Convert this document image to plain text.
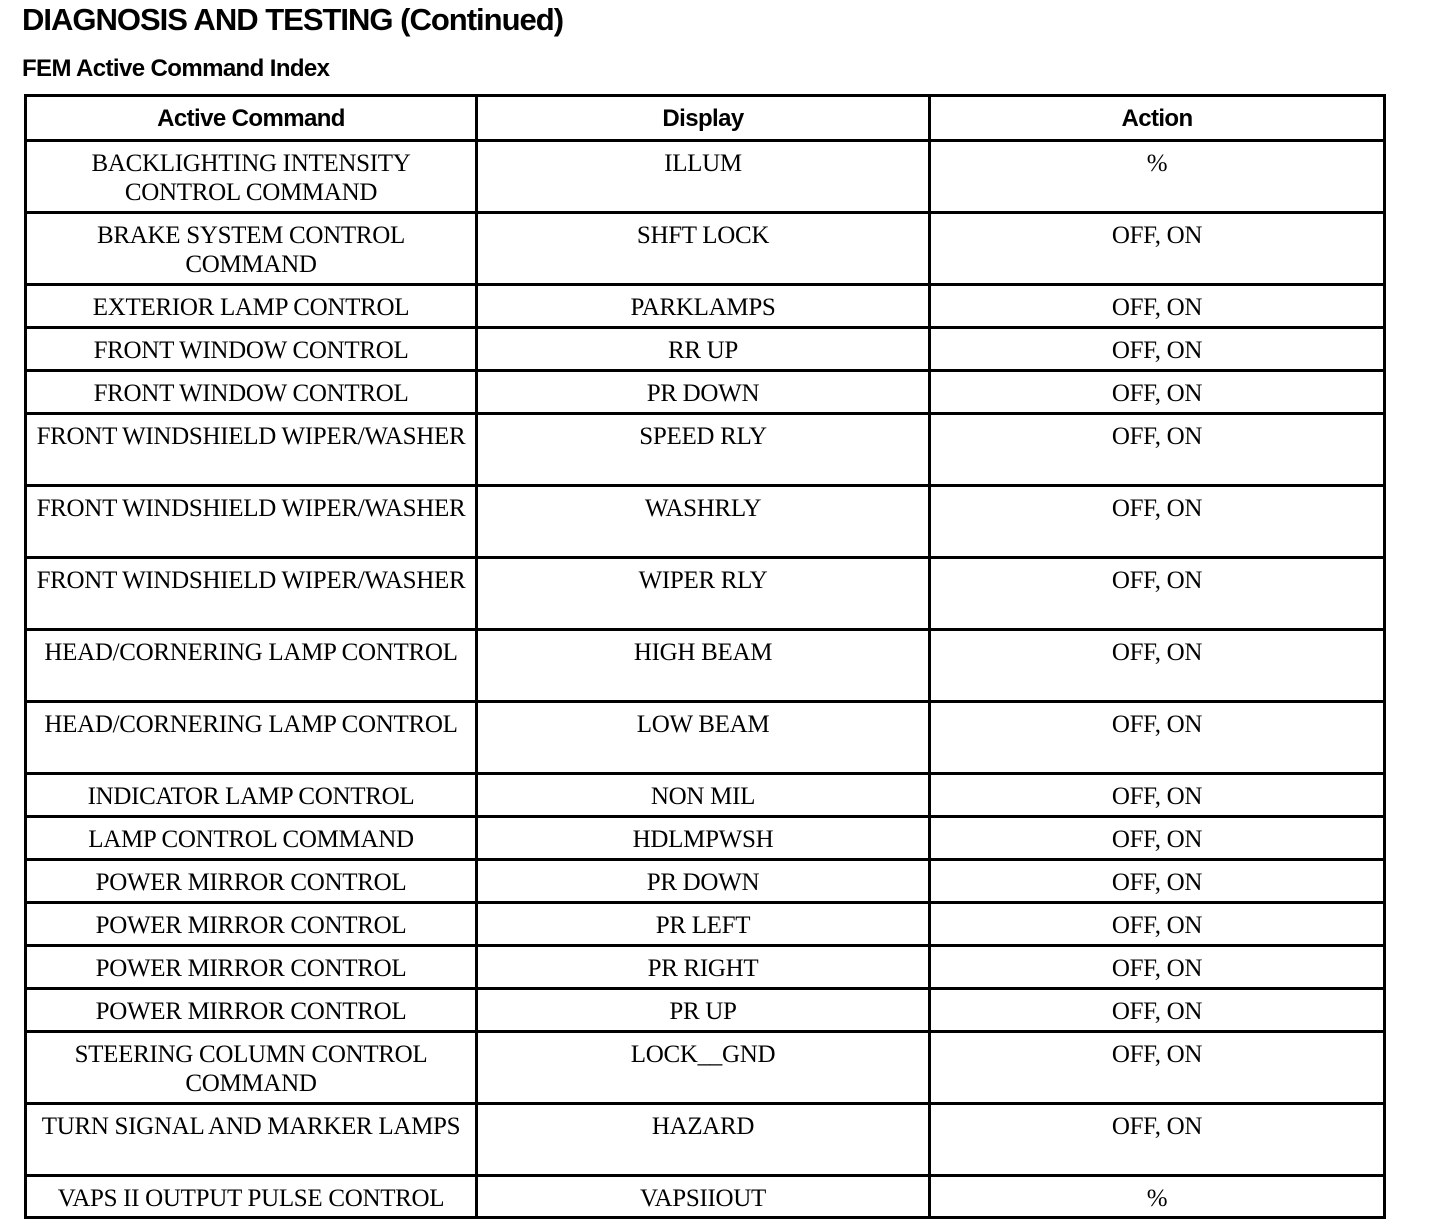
DIAGNOSIS AND TESTING (Continued)
FEM Active Command Index
Active Command	Display	Action
BACKLIGHTING INTENSITY CONTROL COMMAND	ILLUM	%
BRAKE SYSTEM CONTROL COMMAND	SHFT LOCK	OFF, ON
EXTERIOR LAMP CONTROL	PARKLAMPS	OFF, ON
FRONT WINDOW CONTROL	RR UP	OFF, ON
FRONT WINDOW CONTROL	PR DOWN	OFF, ON
FRONT WINDSHIELD WIPER/WASHER	SPEED RLY	OFF, ON
FRONT WINDSHIELD WIPER/WASHER	WASHRLY	OFF, ON
FRONT WINDSHIELD WIPER/WASHER	WIPER RLY	OFF, ON
HEAD/CORNERING LAMP CONTROL	HIGH BEAM	OFF, ON
HEAD/CORNERING LAMP CONTROL	LOW BEAM	OFF, ON
INDICATOR LAMP CONTROL	NON MIL	OFF, ON
LAMP CONTROL COMMAND	HDLMPWSH	OFF, ON
POWER MIRROR CONTROL	PR DOWN	OFF, ON
POWER MIRROR CONTROL	PR LEFT	OFF, ON
POWER MIRROR CONTROL	PR RIGHT	OFF, ON
POWER MIRROR CONTROL	PR UP	OFF, ON
STEERING COLUMN CONTROL COMMAND	LOCK__GND	OFF, ON
TURN SIGNAL AND MARKER LAMPS	HAZARD	OFF, ON
VAPS II OUTPUT PULSE CONTROL	VAPSIIOUT	%
